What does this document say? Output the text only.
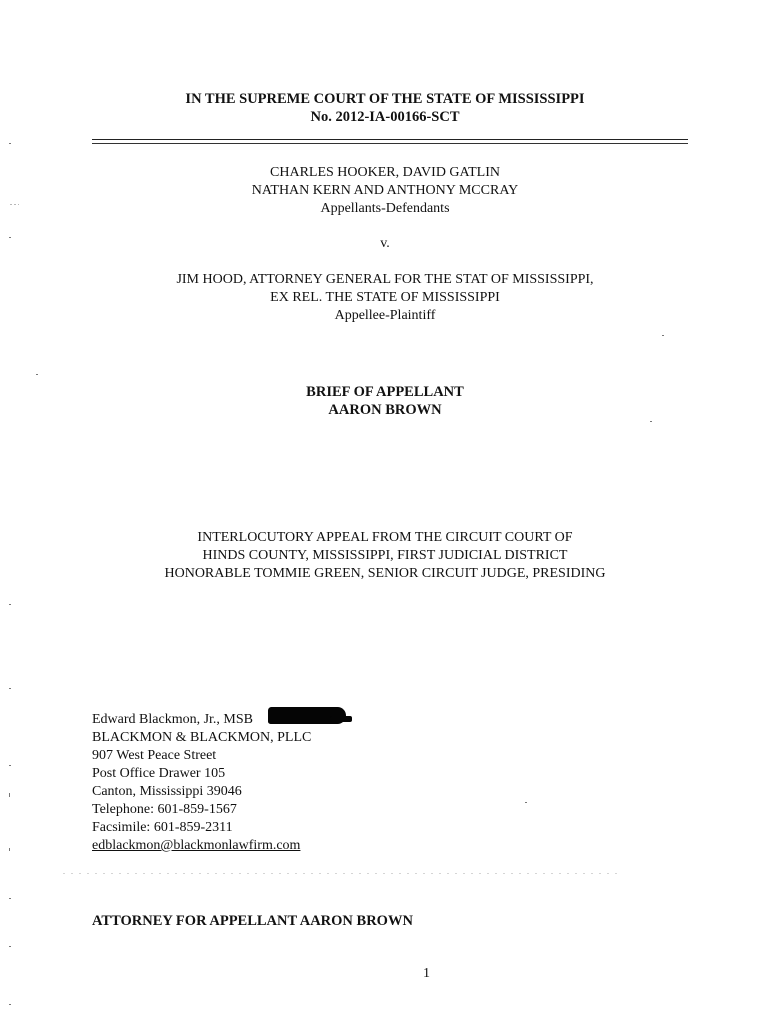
IN THE SUPREME COURT OF THE STATE OF MISSISSIPPI
No. 2012-IA-00166-SCT
CHARLES HOOKER, DAVID GATLIN
NATHAN KERN AND ANTHONY MCCRAY
Appellants-Defendants
v.
JIM HOOD, ATTORNEY GENERAL FOR THE STAT OF MISSISSIPPI,
EX REL. THE STATE OF MISSISSIPPI
Appellee-Plaintiff
BRIEF OF APPELLANT
AARON BROWN
INTERLOCUTORY APPEAL FROM THE CIRCUIT COURT OF
HINDS COUNTY, MISSISSIPPI, FIRST JUDICIAL DISTRICT
HONORABLE TOMMIE GREEN, SENIOR CIRCUIT JUDGE, PRESIDING
Edward Blackmon, Jr., MSB
BLACKMON & BLACKMON, PLLC
907 West Peace Street
Post Office Drawer 105
Canton, Mississippi 39046
Telephone: 601-859-1567
Facsimile: 601-859-2311
edblackmon@blackmonlawfirm.com
ATTORNEY FOR APPELLANT AARON BROWN
1
